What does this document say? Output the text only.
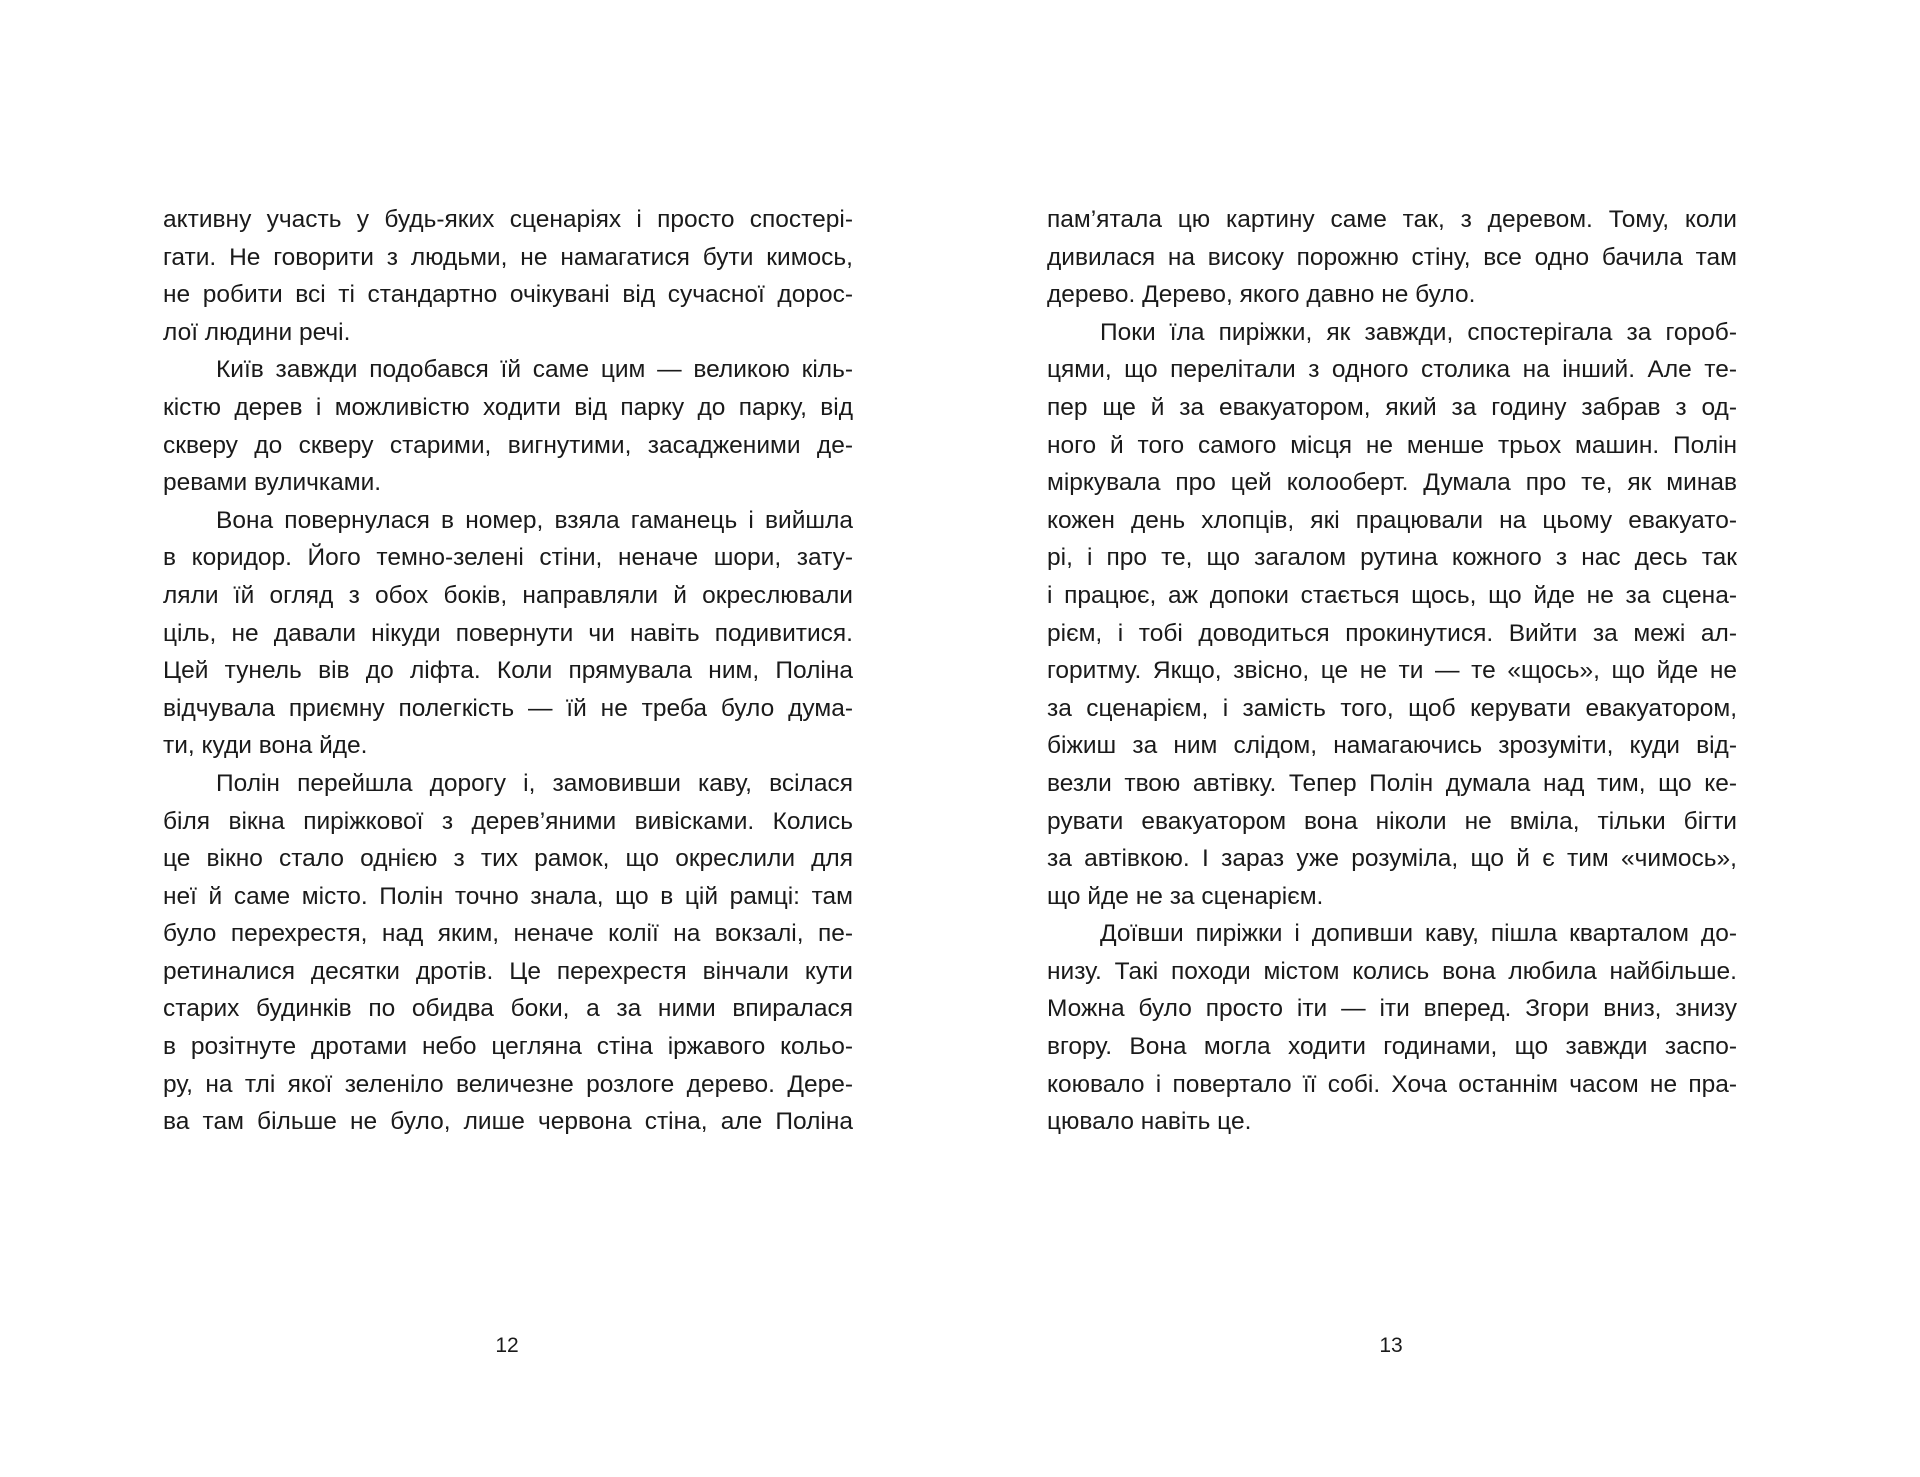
активну участь у будь-яких сценаріях і просто спостері-
гати. Не говорити з людьми, не намагатися бути кимось,
не робити всі ті стандартно очікувані від сучасної дорос-
лої людини речі.
Київ завжди подобався їй саме цим — великою кіль-
кістю дерев і можливістю ходити від парку до парку, від
скверу до скверу старими, вигнутими, засадженими де-
ревами вуличками.
Вона повернулася в номер, взяла гаманець і вийшла
в коридор. Його темно-зелені стіни, неначе шори, зату-
ляли їй огляд з обох боків, направляли й окреслювали
ціль, не давали нікуди повернути чи навіть подивитися.
Цей тунель вів до ліфта. Коли прямувала ним, Поліна
відчувала приємну полегкість — їй не треба було дума-
ти, куди вона йде.
Полін перейшла дорогу і, замовивши каву, всілася
біля вікна пиріжкової з дерев’яними вивісками. Колись
це вікно стало однією з тих рамок, що окреслили для
неї й саме місто. Полін точно знала, що в цій рамці: там
було перехрестя, над яким, неначе колії на вокзалі, пе-
ретиналися десятки дротів. Це перехрестя вінчали кути
старих будинків по обидва боки, а за ними впиралася
в розітнуте дротами небо цегляна стіна іржавого кольо-
ру, на тлі якої зеленіло величезне розлоге дерево. Дере-
ва там більше не було, лише червона стіна, але Поліна
12
пам’ятала цю картину саме так, з деревом. Тому, коли
дивилася на високу порожню стіну, все одно бачила там
дерево. Дерево, якого давно не було.
Поки їла пиріжки, як завжди, спостерігала за гороб-
цями, що перелітали з одного столика на інший. Але те-
пер ще й за евакуатором, який за годину забрав з од-
ного й того самого місця не менше трьох машин. Полін
міркувала про цей колооберт. Думала про те, як минав
кожен день хлопців, які працювали на цьому евакуато-
рі, і про те, що загалом рутина кожного з нас десь так
і працює, аж допоки стається щось, що йде не за сцена-
рієм, і тобі доводиться прокинутися. Вийти за межі ал-
горитму. Якщо, звісно, це не ти — те «щось», що йде не
за сценарієм, і замість того, щоб керувати евакуатором,
біжиш за ним слідом, намагаючись зрозуміти, куди від-
везли твою автівку. Тепер Полін думала над тим, що ке-
рувати евакуатором вона ніколи не вміла, тільки бігти
за автівкою. І зараз уже розуміла, що й є тим «чимось»,
що йде не за сценарієм.
Доївши пиріжки і допивши каву, пішла кварталом до-
низу. Такі походи містом колись вона любила найбільше.
Можна було просто іти — іти вперед. Згори вниз, знизу
вгору. Вона могла ходити годинами, що завжди заспо-
коювало і повертало її собі. Хоча останнім часом не пра-
цювало навіть це.
13
